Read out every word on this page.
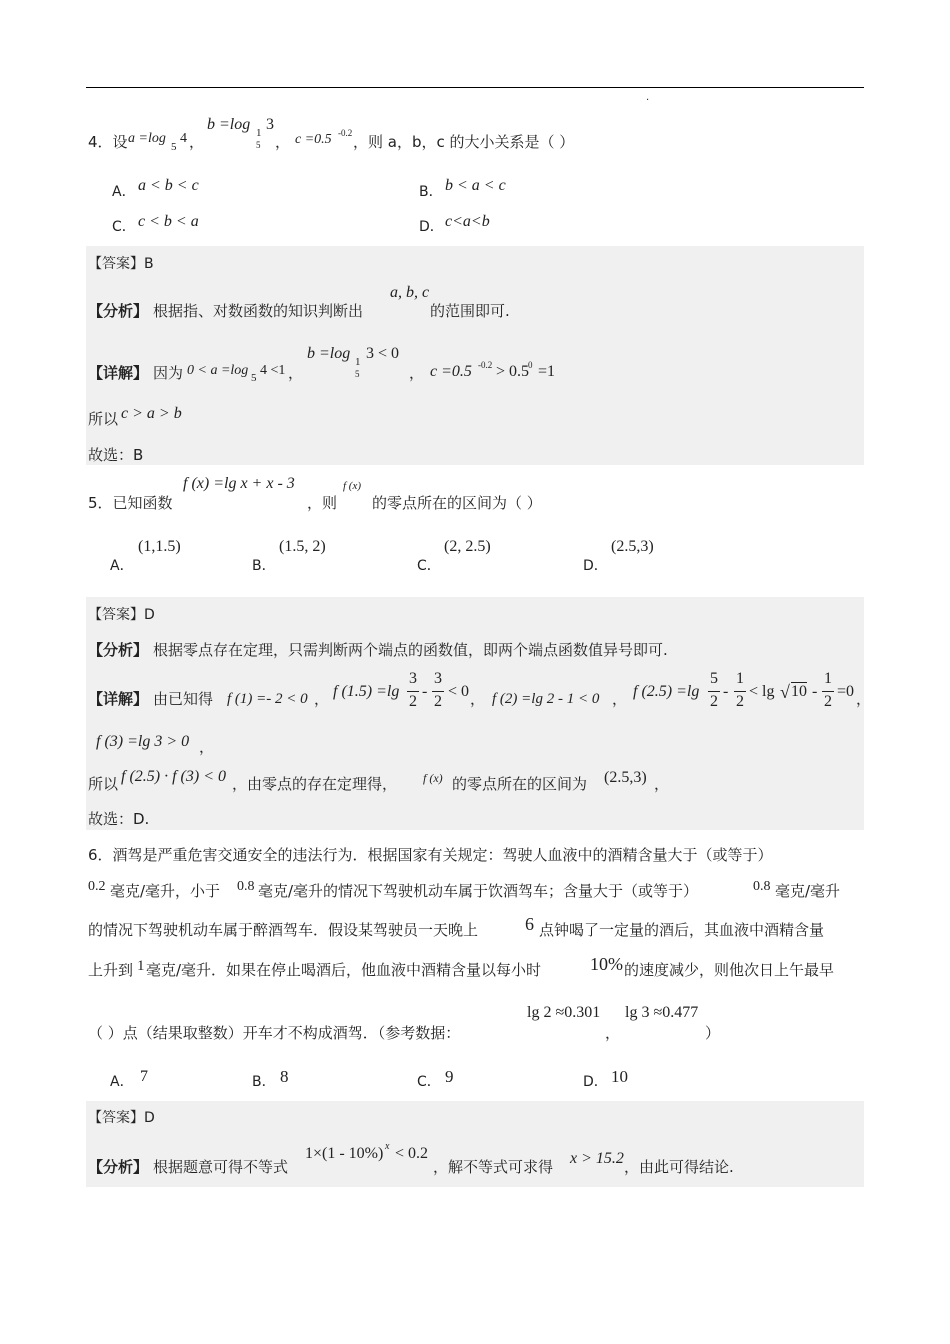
.
4．设 a =log
5
4 ，
b =log 1
5
3
， c =0.5 -0.2 ，则 a，b，c 的大小关系是（ ）
A． a < b < c	B． b < a < c
C． c < b < a	D． c<a<b
【答案】B
【分析】 根据指、对数函数的知识判断出
a, b, c
的范围即可.
【详解】 因为 0 < a =log 5 4 <1 ，
b =log 1
5
3 < 0
， c =0.5 -0.2 > 0.5
0 =1
所以 c > a > b
故选：B
5．已知函数
f (x) =lg x + x - 3
，则
f (x)
的零点所在的区间为（ ）
A．
(1,1.5)
B．
(1.5, 2)
C．
(2, 2.5)
D．
(2.5,3)
【答案】D
【分析】 根据零点存在定理，只需判断两个端点的函数值，即两个端点函数值异号即可.
【详解】 由已知得 f (1) =- 2 < 0 ， f (1.5) =lg
3
2
-
3
2
< 0 ， f (2) =lg 2 - 1 < 0 ， f (2.5) =lg
5
2
-
1
2
< lg √ 10 -
1
2
=0 ，
f (3) =lg 3 > 0 ，
所以 f (2.5) · f (3) < 0 ，由零点的存在定理得， f (x) 的零点所在的区间为 (2.5,3) ，
故选：D.
6．酒驾是严重危害交通安全的违法行为．根据国家有关规定：驾驶人血液中的酒精含量大于（或等于）
0.2 毫克/毫升，小于 0.8 毫克/毫升的情况下驾驶机动车属于饮酒驾车；含量大于（或等于）	0.8 毫克/毫升
的情况下驾驶机动车属于醉酒驾车．假设某驾驶员一天晚上	6 点钟喝了一定量的酒后，其血液中酒精含量
上升到 1 毫克/毫升．如果在停止喝酒后，他血液中酒精含量以每小时	10% 的速度减少，则他次日上午最早
（ ）点（结果取整数）开车才不构成酒驾．（参考数据：
lg 2 ≈0.301
，
lg 3 ≈0.477
）
A． 7	B． 8	C． 9	D． 10
【答案】D
【分析】 根据题意可得不等式
1×(1 - 10%) x < 0.2
，解不等式可求得 x > 15.2 ，由此可得结论.
